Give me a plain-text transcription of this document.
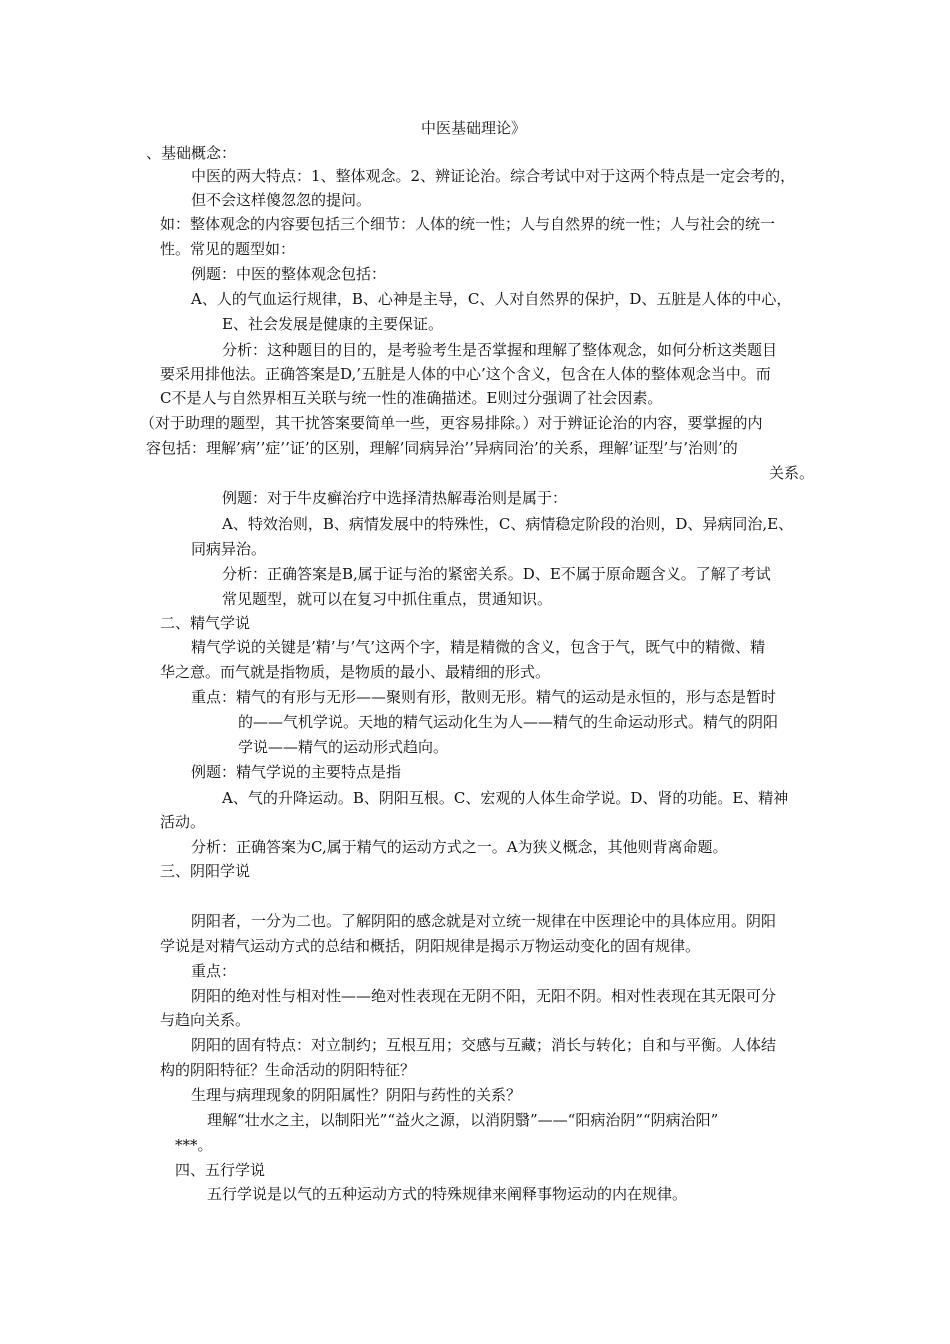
中医基础理论》
、基础概念：
中医的两大特点：1、整体观念。2、辨证论治。综合考试中对于这两个特点是一定会考的，
但不会这样傻忽忽的提问。
如：整体观念的内容要包括三个细节：人体的统一性；人与自然界的统一性；人与社会的统一
性。常见的题型如：
例题：中医的整体观念包括：
A、人的气血运行规律，B、心神是主导，C、人对自然界的保护，D、五脏是人体的中心，
E、社会发展是健康的主要保证。
分析：这种题目的目的，是考验考生是否掌握和理解了整体观念，如何分析这类题目
要采用排他法。正确答案是D,’五脏是人体的中心’这个含义，包含在人体的整体观念当中。而
C不是人与自然界相互关联与统一性的准确描述。E则过分强调了社会因素。
（对于助理的题型，其干扰答案要简单一些，更容易排除。）对于辨证论治的内容，要掌握的内
容包括：理解’病’’症’’证’的区别，理解’同病异治’’异病同治’的关系，理解’证型’与’治则’的
关系。
例题：对于牛皮癣治疗中选择清热解毒治则是属于：
A、特效治则，B、病情发展中的特殊性，C、病情稳定阶段的治则，D、异病同治,E、
同病异治。
分析：正确答案是B,属于证与治的紧密关系。D、E不属于原命题含义。了解了考试
常见题型，就可以在复习中抓住重点，贯通知识。
二、精气学说
精气学说的关键是’精’与’气’这两个字，精是精微的含义，包含于气，既气中的精微、精
华之意。而气就是指物质，是物质的最小、最精细的形式。
重点：精气的有形与无形——聚则有形，散则无形。精气的运动是永恒的，形与态是暂时
的——气机学说。天地的精气运动化生为人——精气的生命运动形式。精气的阴阳
学说——精气的运动形式趋向。
例题：精气学说的主要特点是指
A、气的升降运动。B、阴阳互根。C、宏观的人体生命学说。D、肾的功能。E、精神
活动。
分析：正确答案为C,属于精气的运动方式之一。A为狭义概念，其他则背离命题。
三、阴阳学说
阴阳者，一分为二也。了解阴阳的感念就是对立统一规律在中医理论中的具体应用。阴阳
学说是对精气运动方式的总结和概括，阴阳规律是揭示万物运动变化的固有规律。
重点：
阴阳的绝对性与相对性——绝对性表现在无阴不阳，无阳不阴。相对性表现在其无限可分
与趋向关系。
阴阳的固有特点：对立制约；互根互用；交感与互藏；消长与转化；自和与平衡。人体结
构的阴阳特征？生命活动的阴阳特征？
生理与病理现象的阴阳属性？阴阳与药性的关系？
理解“壮水之主，以制阳光”“益火之源，以消阴翳”——“阳病治阴”“阴病治阳”
***。
四、五行学说
五行学说是以气的五种运动方式的特殊规律来阐释事物运动的内在规律。
